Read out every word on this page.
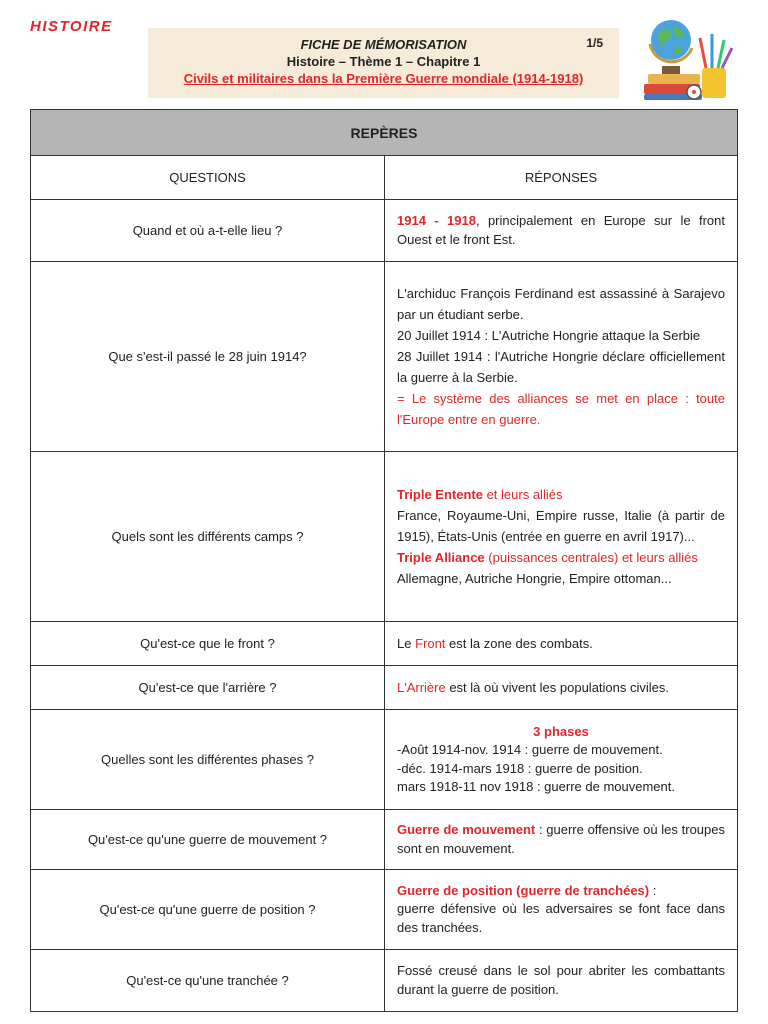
HISTOIRE
FICHE DE MÉMORISATION
Histoire – Thème 1 – Chapitre 1
Civils et militaires dans la Première Guerre mondiale (1914-1918)
1/5
REPÈRES	
QUESTIONS	RÉPONSES
Quand et où a-t-elle lieu ?	1914 - 1918, principalement en Europe sur le front Ouest et le front Est.
Que s'est-il passé le 28 juin 1914?	L'archiduc François Ferdinand est assassiné à Sarajevo par un étudiant serbe.
20 Juillet 1914 : L'Autriche Hongrie attaque la Serbie
28 Juillet 1914 : l'Autriche Hongrie déclare officiellement la guerre à la Serbie.
= Le système des alliances se met en place : toute l'Europe entre en guerre.

Quels sont les différents camps ?	Triple Entente et leurs alliés
France, Royaume-Uni, Empire russe, Italie (à partir de 1915), États-Unis (entrée en guerre en avril 1917)...
Triple Alliance (puissances centrales) et leurs alliés
Allemagne, Autriche Hongrie, Empire ottoman...

Qu'est-ce que le front ?	Le Front est la zone des combats.
Qu'est-ce que l'arrière ?	L'Arrière est là où vivent les populations civiles.
Quelles sont les différentes phases ?	3 phases
-Août 1914-nov. 1914 : guerre de mouvement.
-déc. 1914-mars 1918 : guerre de position.
mars 1918-11 nov 1918 : guerre de mouvement.

Qu'est-ce qu'une guerre de mouvement ?	Guerre de mouvement : guerre offensive où les troupes sont en mouvement.
Qu'est-ce qu'une guerre de position ?	Guerre de position (guerre de tranchées) :
guerre défensive où les adversaires se font face dans des tranchées.

Qu'est-ce qu'une tranchée ?	Fossé creusé dans le sol pour abriter les combattants durant la guerre de position.
